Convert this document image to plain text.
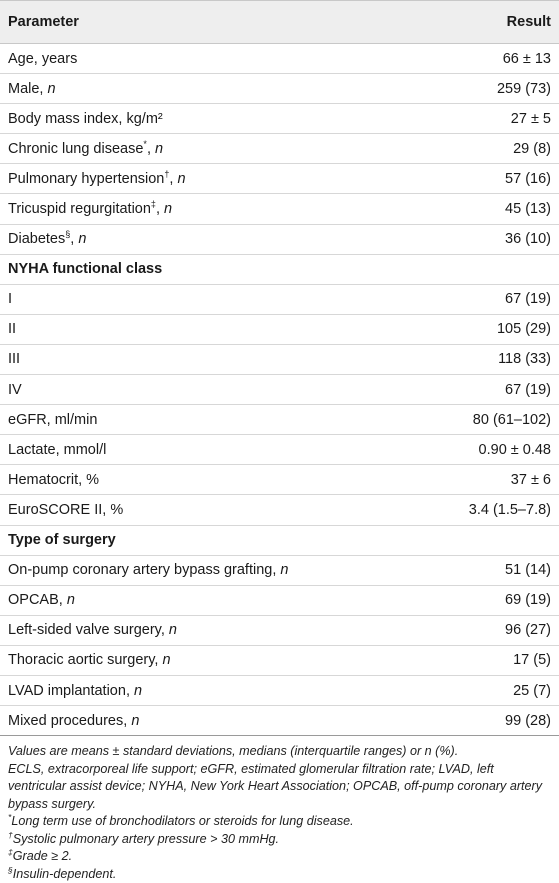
Parameter	Result
Age, years	66 ± 13
Male, n	259 (73)
Body mass index, kg/m²	27 ± 5
Chronic lung disease*, n	29 (8)
Pulmonary hypertension†, n	57 (16)
Tricuspid regurgitation‡, n	45 (13)
Diabetes§, n	36 (10)
NYHA functional class	
I	67 (19)
II	105 (29)
III	118 (33)
IV	67 (19)
eGFR, ml/min	80 (61–102)
Lactate, mmol/l	0.90 ± 0.48
Hematocrit, %	37 ± 6
EuroSCORE II, %	3.4 (1.5–7.8)
Type of surgery	
On-pump coronary artery bypass grafting, n	51 (14)
OPCAB, n	69 (19)
Left-sided valve surgery, n	96 (27)
Thoracic aortic surgery, n	17 (5)
LVAD implantation, n	25 (7)
Mixed procedures, n	99 (28)

Values are means ± standard deviations, medians (interquartile ranges) or n (%).

ECLS, extracorporeal life support; eGFR, estimated glomerular filtration rate; LVAD, left ventricular assist device; NYHA, New York Heart Association; OPCAB, off-pump coronary artery bypass surgery.

*Long term use of bronchodilators or steroids for lung disease.

†Systolic pulmonary artery pressure > 30 mmHg.

‡Grade ≥ 2.

§Insulin-dependent.
